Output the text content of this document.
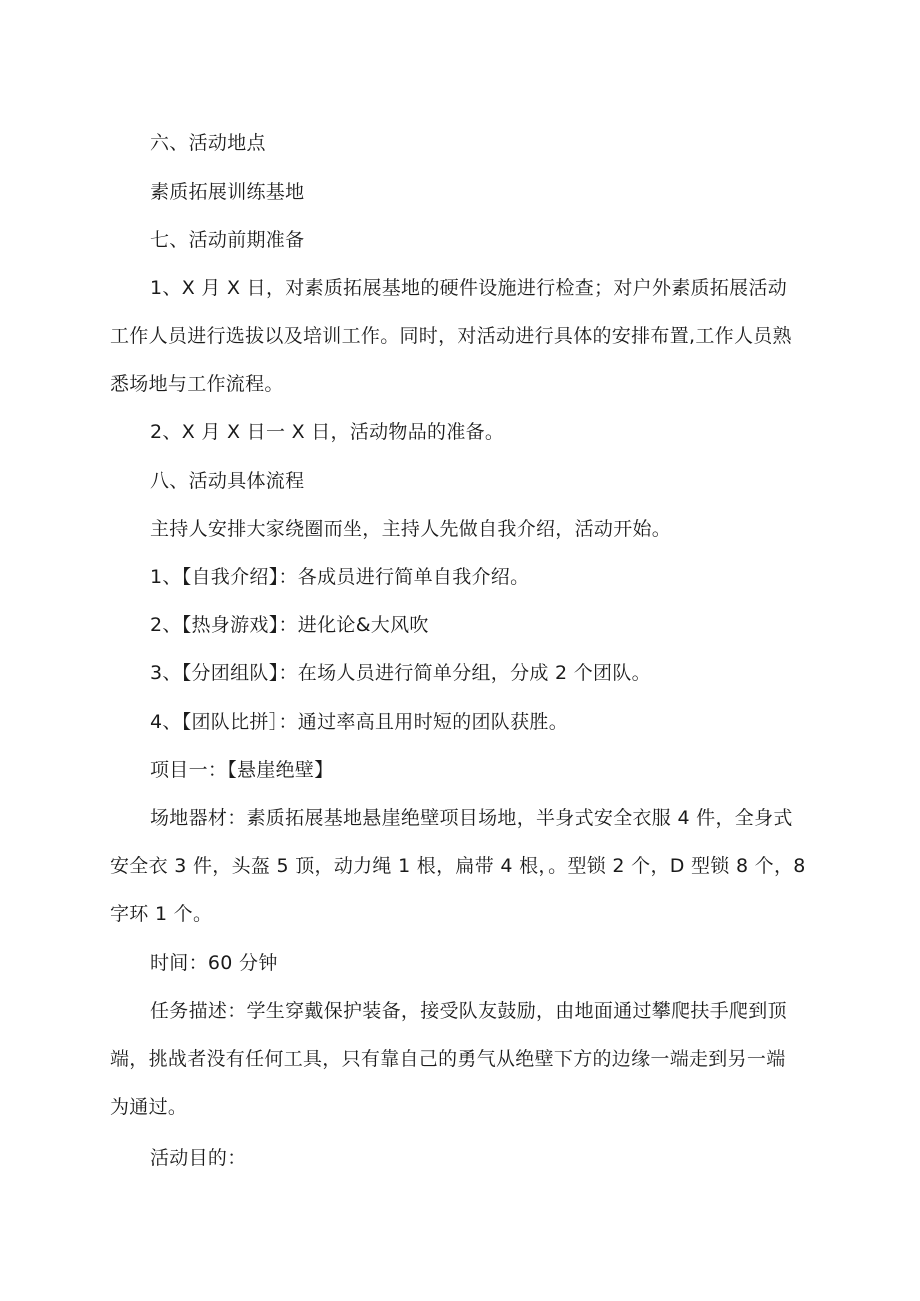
六、活动地点

素质拓展训练基地

七、活动前期准备

1、X 月 X 日，对素质拓展基地的硬件设施进行检查；对户外素质拓展活动

工作人员进行选拔以及培训工作。同时，对活动进行具体的安排布置,工作人员熟

悉场地与工作流程。

2、X 月 X 日一 X 日，活动物品的准备。

八、活动具体流程

主持人安排大家绕圈而坐，主持人先做自我介绍，活动开始。

1、【自我介绍】：各成员进行简单自我介绍。

2、【热身游戏】：进化论&大风吹

3、【分团组队】：在场人员进行简单分组，分成 2 个团队。

4、【团队比拼］：通过率高且用时短的团队获胜。

项目一：【悬崖绝壁】

场地器材：素质拓展基地悬崖绝壁项目场地，半身式安全衣服 4 件，全身式

安全衣 3 件，头盔 5 顶，动力绳 1 根，扁带 4 根，。型锁 2 个，D 型锁 8 个，8

字环 1 个。

时间：60 分钟

任务描述：学生穿戴保护装备，接受队友鼓励，由地面通过攀爬扶手爬到顶

端，挑战者没有任何工具，只有靠自己的勇气从绝壁下方的边缘一端走到另一端

为通过。

活动目的：
